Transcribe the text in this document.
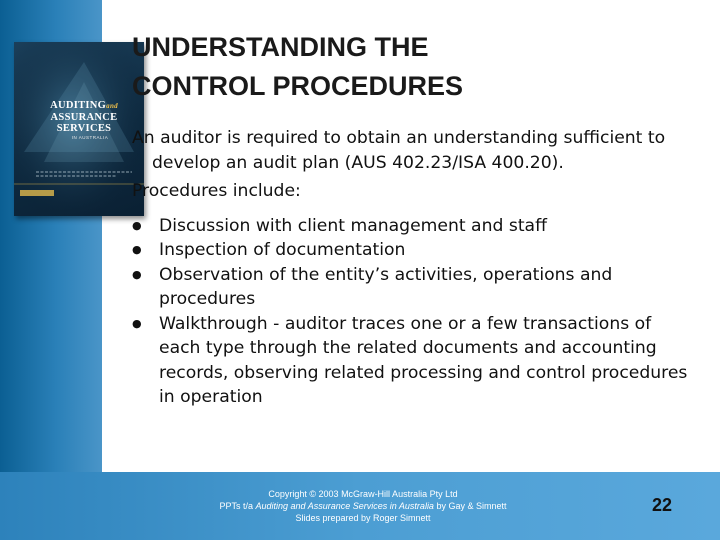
AUDITINGand
ASSURANCE
SERVICES
IN AUSTRALIA
UNDERSTANDING THE
CONTROL PROCEDURES

An auditor is required to obtain an understanding sufficient to develop an audit plan (AUS 402.23/ISA 400.20).

Procedures include:

● Discussion with client management and staff
● Inspection of documentation
● Observation of the entity’s activities, operations and procedures
● Walkthrough - auditor traces one or a few transactions of each type through the related documents and accounting records, observing related processing and control procedures in operation
Copyright © 2003 McGraw-Hill Australia Pty Ltd
PPTs t/a Auditing and Assurance Services in Australia by Gay & Simnett
Slides prepared by Roger Simnett
22
